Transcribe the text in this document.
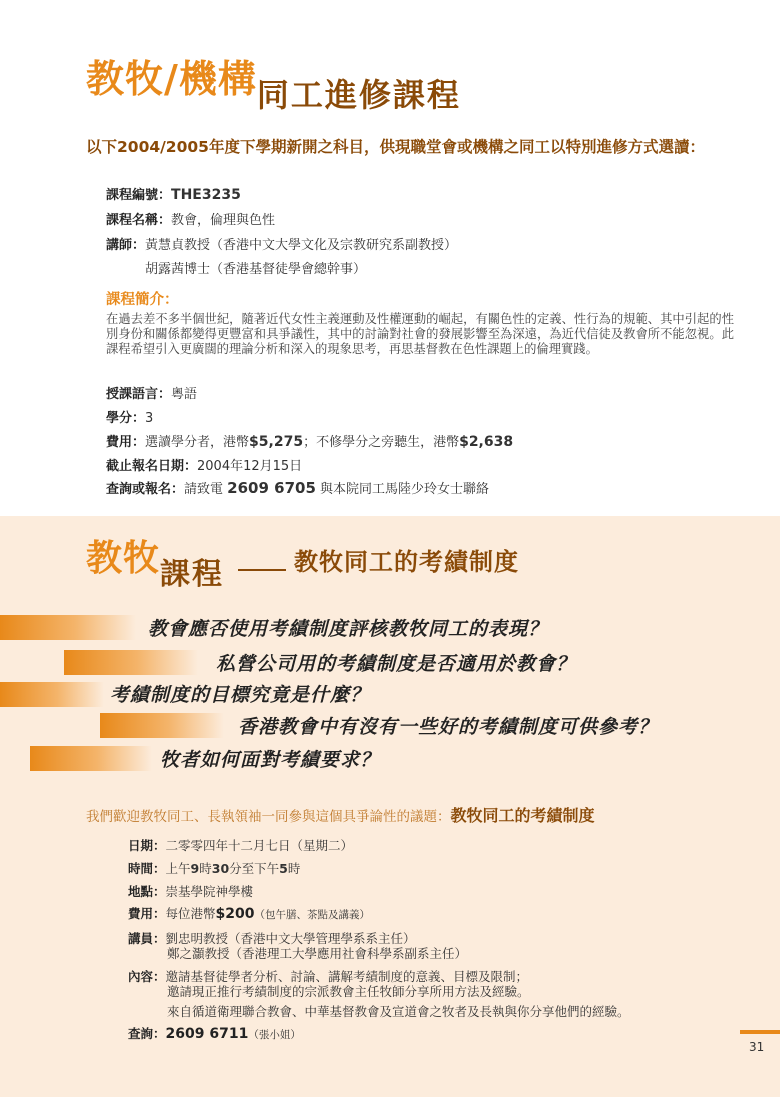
教牧/機構同工進修課程
以下2004/2005年度下學期新開之科目，供現職堂會或機構之同工以特別進修方式選讀：
課程編號：THE3235
課程名稱：教會，倫理與色性
講師：黃慧貞教授（香港中文大學文化及宗教研究系副教授）
胡露茜博士（香港基督徒學會總幹事）
課程簡介：
在過去差不多半個世紀，隨著近代女性主義運動及性權運動的崛起，有關色性的定義、性行為的規範、其中引起的性別身份和關係都變得更豐富和具爭議性，其中的討論對社會的發展影響至為深遠，為近代信徒及教會所不能忽視。此課程希望引入更廣闊的理論分析和深入的現象思考，再思基督教在色性課題上的倫理實踐。
授課語言：粵語
學分：3
費用：選讀學分者，港幣$5,275；不修學分之旁聽生，港幣$2,638
截止報名日期：2004年12月15日
查詢或報名：請致電 2609 6705 與本院同工馬陸少玲女士聯絡
教牧課程	教牧同工的考績制度
教會應否使用考績制度評核教牧同工的表現？
私營公司用的考績制度是否適用於教會？
考績制度的目標究竟是什麼？
香港教會中有沒有一些好的考績制度可供參考？
牧者如何面對考績要求？
我們歡迎教牧同工、長執領袖一同參與這個具爭論性的議題：教牧同工的考績制度
日期：二零零四年十二月七日（星期二）
時間：上午9時30分至下午5時
地點：崇基學院神學樓
費用：每位港幣$200（包午膳、茶點及講義）
講員：劉忠明教授（香港中文大學管理學系系主任）
鄭之灝教授（香港理工大學應用社會科學系副系主任）
內容：邀請基督徒學者分析、討論、講解考績制度的意義、目標及限制；
邀請現正推行考績制度的宗派教會主任牧師分享所用方法及經驗。
來自循道衛理聯合教會、中華基督教會及宣道會之牧者及長執與你分享他們的經驗。
查詢：2609 6711（張小姐）
31
